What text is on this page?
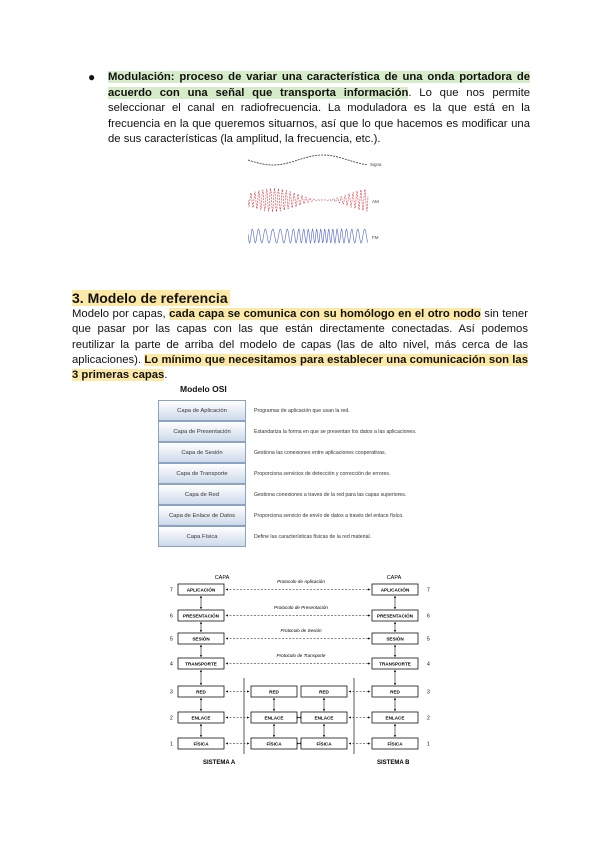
●	Modulación: proceso de variar una característica de una onda portadora de acuerdo con una señal que transporta información. Lo que nos permite seleccionar el canal en radiofrecuencia. La moduladora es la que está en la frecuencia en la que queremos situarnos, así que lo que hacemos es modificar una de sus características (la amplitud, la frecuencia, etc.).

Signa
AM
FM
3. Modelo de referencia

Modelo por capas, cada capa se comunica con su homólogo en el otro nodo sin tener que pasar por las capas con las que están directamente conectadas. Así podemos reutilizar la parte de arriba del modelo de capas (las de alto nivel, más cerca de las aplicaciones). Lo mínimo que necesitamos para establecer una comunicación son las 3 primeras capas.

Modelo OSI
Capa de Aplicación	Programas de aplicación que usan la red.
Capa de Presentación	Estandariza la forma en que se presentan los datos a las aplicaciones.
Capa de Sesión	Gestiona las conexiones entre aplicaciones cooperativas.
Capa de Transporte	Proporciona servicios de detección y corrección de errores.
Capa de Red	Gestiona conexiones a traves de la red para las capas superiores.
Capa de Enlace de Datos	Proporciona servicio de envío de datos a través del enlace físico.
Capa Física	Define las características físicas de la red material.
CAPA	CAPA
7	7
APLICACIÓN	APLICACIÓN
Protocolo de Aplicación
6	6
PRESENTACIÓN	PRESENTACIÓN
Protocolo de Presentación
5	5
SESIÓN	SESIÓN
Protocolo de Sesión
4	4
TRANSPORTE	TRANSPORTE
Protocolo de Transporte
3	3
RED	RED
RED	RED
2	2
ENLACE	ENLACE
ENLACE	ENLACE
1	1
FÍSICA	FÍSICA
FÍSICA	FÍSICA
SISTEMA A	SISTEMA B
